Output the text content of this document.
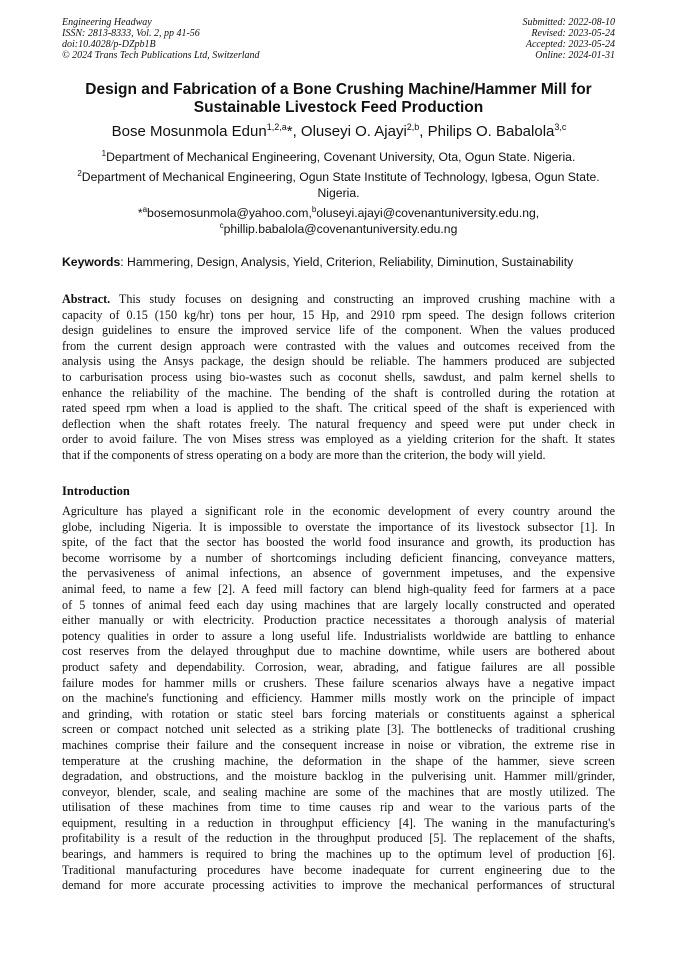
Engineering Headway
ISSN: 2813-8333, Vol. 2, pp 41-56
doi:10.4028/p-DZpb1B
© 2024 Trans Tech Publications Ltd, Switzerland
Submitted: 2022-08-10
Revised: 2023-05-24
Accepted: 2023-05-24
Online: 2024-01-31
Design and Fabrication of a Bone Crushing Machine/Hammer Mill for
Sustainable Livestock Feed Production
Bose Mosunmola Edun$^{1,2,a}$*, Oluseyi O. Ajayi$^{2,b}$, Philips O. Babalola$^{3,c}$
$^1$Department of Mechanical Engineering, Covenant University, Ota, Ogun State. Nigeria.
$^2$Department of Mechanical Engineering, Ogun State Institute of Technology, Igbesa, Ogun State.
Nigeria.
*$^a$bosemosunmola@yahoo.com,$^b$oluseyi.ajayi@covenantuniversity.edu.ng,
$^c$phillip.babalola@covenantuniversity.edu.ng
Keywords: Hammering, Design, Analysis, Yield, Criterion, Reliability, Diminution, Sustainability
Abstract. This study focuses on designing and constructing an improved crushing machine with a
capacity of 0.15 (150 kg/hr) tons per hour, 15 Hp, and 2910 rpm speed. The design follows criterion
design guidelines to ensure the improved service life of the component. When the values produced
from the current design approach were contrasted with the values and outcomes received from the
analysis using the Ansys package, the design should be reliable. The hammers produced are subjected
to carburisation process using bio-wastes such as coconut shells, sawdust, and palm kernel shells to
enhance the reliability of the machine. The bending of the shaft is controlled during the rotation at
rated speed rpm when a load is applied to the shaft. The critical speed of the shaft is experienced with
deflection when the shaft rotates freely. The natural frequency and speed were put under check in
order to avoid failure. The von Mises stress was employed as a yielding criterion for the shaft. It states
that if the components of stress operating on a body are more than the criterion, the body will yield.
Introduction
Agriculture has played a significant role in the economic development of every country around the
globe, including Nigeria. It is impossible to overstate the importance of its livestock subsector [1]. In
spite, of the fact that the sector has boosted the world food insurance and growth, its production has
become worrisome by a number of shortcomings including deficient financing, conveyance matters,
the pervasiveness of animal infections, an absence of government impetuses, and the expensive
animal feed, to name a few [2]. A feed mill factory can blend high-quality feed for farmers at a pace
of 5 tonnes of animal feed each day using machines that are largely locally constructed and operated
either manually or with electricity. Production practice necessitates a thorough analysis of material
potency qualities in order to assure a long useful life. Industrialists worldwide are battling to enhance
cost reserves from the delayed throughput due to machine downtime, while users are bothered about
product safety and dependability. Corrosion, wear, abrading, and fatigue failures are all possible
failure modes for hammer mills or crushers. These failure scenarios always have a negative impact
on the machine's functioning and efficiency. Hammer mills mostly work on the principle of impact
and grinding, with rotation or static steel bars forcing materials or constituents against a spherical
screen or compact notched unit selected as a striking plate [3]. The bottlenecks of traditional crushing
machines comprise their failure and the consequent increase in noise or vibration, the extreme rise in
temperature at the crushing machine, the deformation in the shape of the hammer, sieve screen
degradation, and obstructions, and the moisture backlog in the pulverising unit. Hammer mill/grinder,
conveyor, blender, scale, and sealing machine are some of the machines that are mostly utilized. The
utilisation of these machines from time to time causes rip and wear to the various parts of the
equipment, resulting in a reduction in throughput efficiency [4]. The waning in the manufacturing's
profitability is a result of the reduction in the throughput produced [5]. The replacement of the shafts,
bearings, and hammers is required to bring the machines up to the optimum level of production [6].
Traditional manufacturing procedures have become inadequate for current engineering due to the
demand for more accurate processing activities to improve the mechanical performances of structural
